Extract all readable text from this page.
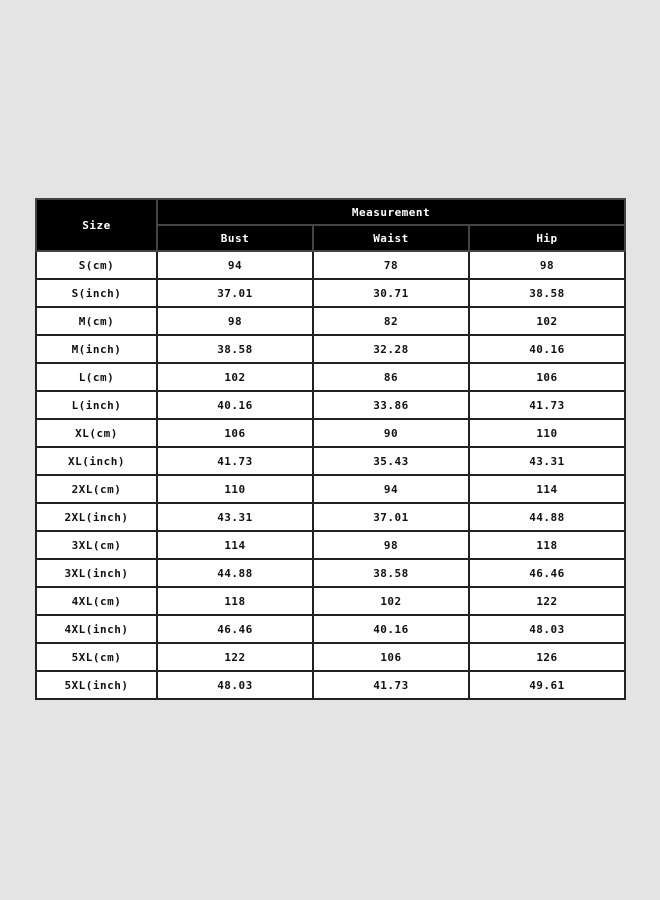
Size	Measurement		
	Bust	Waist	Hip
S(cm)	94	78	98
S(inch)	37.01	30.71	38.58
M(cm)	98	82	102
M(inch)	38.58	32.28	40.16
L(cm)	102	86	106
L(inch)	40.16	33.86	41.73
XL(cm)	106	90	110
XL(inch)	41.73	35.43	43.31
2XL(cm)	110	94	114
2XL(inch)	43.31	37.01	44.88
3XL(cm)	114	98	118
3XL(inch)	44.88	38.58	46.46
4XL(cm)	118	102	122
4XL(inch)	46.46	40.16	48.03
5XL(cm)	122	106	126
5XL(inch)	48.03	41.73	49.61
